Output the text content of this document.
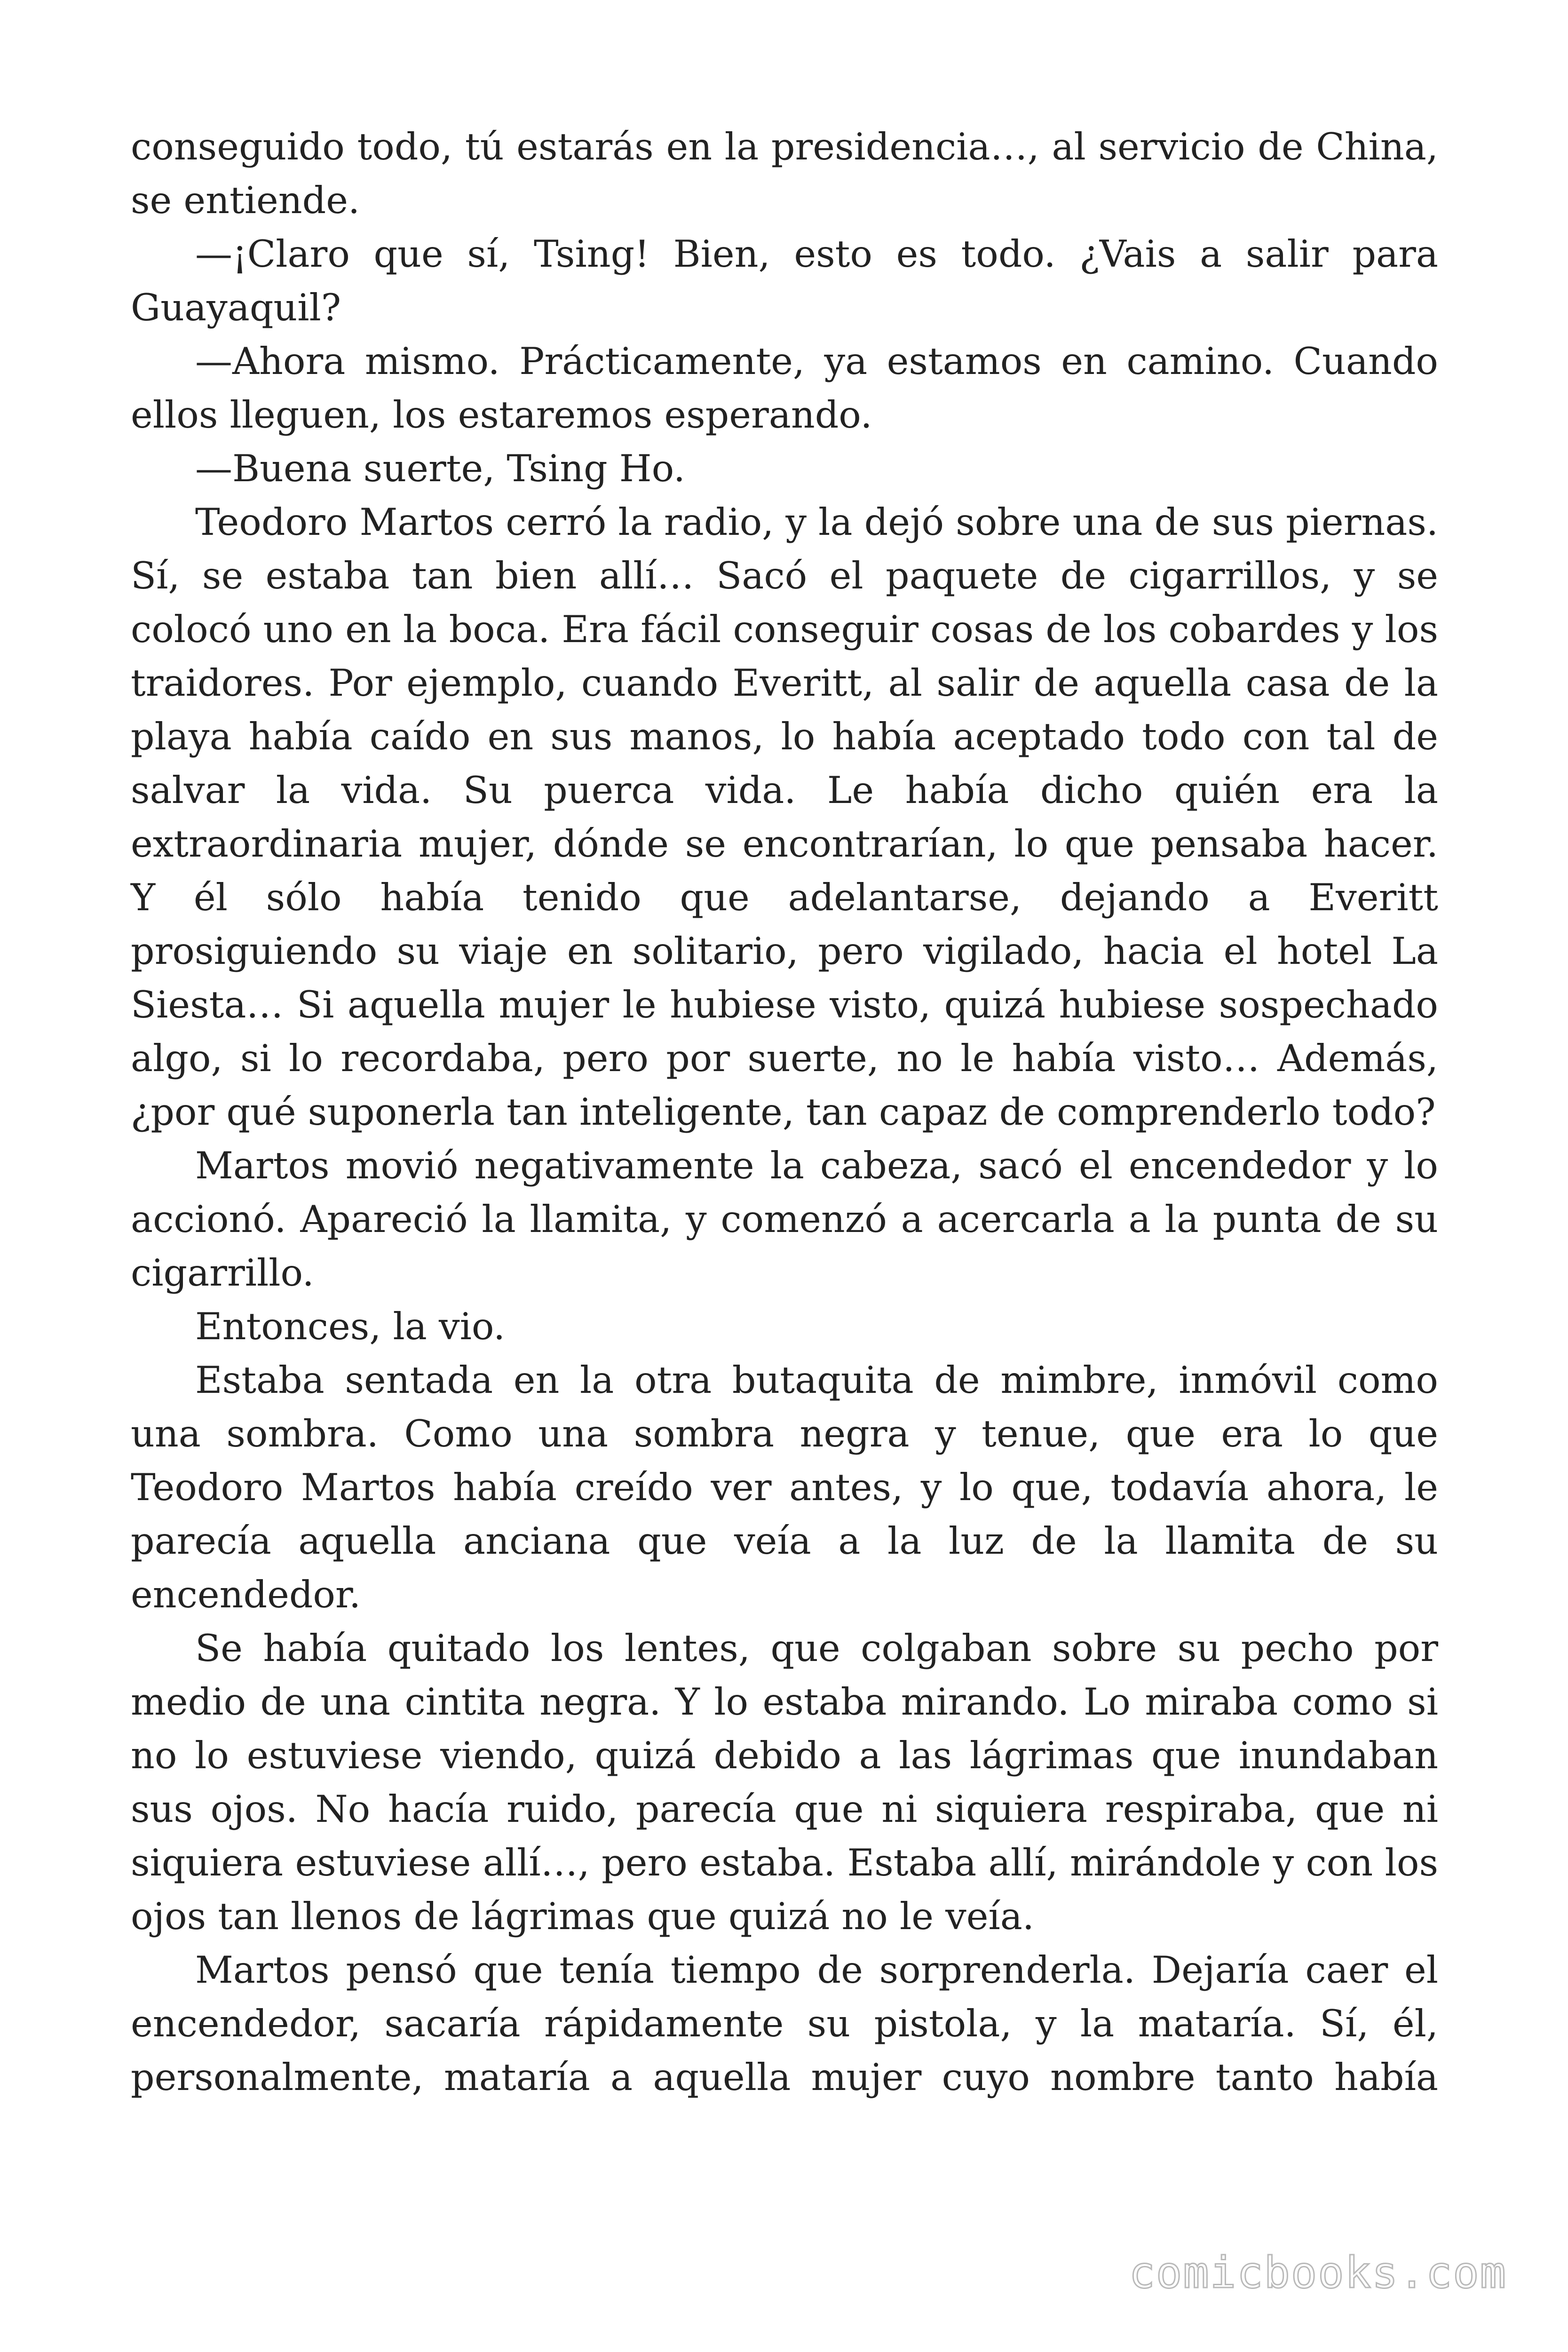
conseguido todo, tú estarás en la presidencia…, al servicio de China, se entiende.

—¡Claro que sí, Tsing! Bien, esto es todo. ¿Vais a salir para Guayaquil?

—Ahora mismo. Prácticamente, ya estamos en camino. Cuando ellos lleguen, los estaremos esperando.

—Buena suerte, Tsing Ho.

Teodoro Martos cerró la radio, y la dejó sobre una de sus piernas. Sí, se estaba tan bien allí… Sacó el paquete de cigarrillos, y se colocó uno en la boca. Era fácil conseguir cosas de los cobardes y los traidores. Por ejemplo, cuando Everitt, al salir de aquella casa de la playa había caído en sus manos, lo había aceptado todo con tal de salvar la vida. Su puerca vida. Le había dicho quién era la extraordinaria mujer, dónde se encontrarían, lo que pensaba hacer. Y él sólo había tenido que adelantarse, dejando a Everitt prosiguiendo su viaje en solitario, pero vigilado, hacia el hotel La Siesta… Si aquella mujer le hubiese visto, quizá hubiese sospechado algo, si lo recordaba, pero por suerte, no le había visto… Además, ¿por qué suponerla tan inteligente, tan capaz de comprenderlo todo?

Martos movió negativamente la cabeza, sacó el encendedor y lo accionó. Apareció la llamita, y comenzó a acercarla a la punta de su cigarrillo.

Entonces, la vio.

Estaba sentada en la otra butaquita de mimbre, inmóvil como una sombra. Como una sombra negra y tenue, que era lo que Teodoro Martos había creído ver antes, y lo que, todavía ahora, le parecía aquella anciana que veía a la luz de la llamita de su encendedor.

Se había quitado los lentes, que colgaban sobre su pecho por medio de una cintita negra. Y lo estaba mirando. Lo miraba como si no lo estuviese viendo, quizá debido a las lágrimas que inundaban sus ojos. No hacía ruido, parecía que ni siquiera respiraba, que ni siquiera estuviese allí…, pero estaba. Estaba allí, mirándole y con los ojos tan llenos de lágrimas que quizá no le veía.

Martos pensó que tenía tiempo de sorprenderla. Dejaría caer el encendedor, sacaría rápidamente su pistola, y la mataría. Sí, él, personalmente, mataría a aquella mujer cuyo nombre tanto había

comicbooks.com
